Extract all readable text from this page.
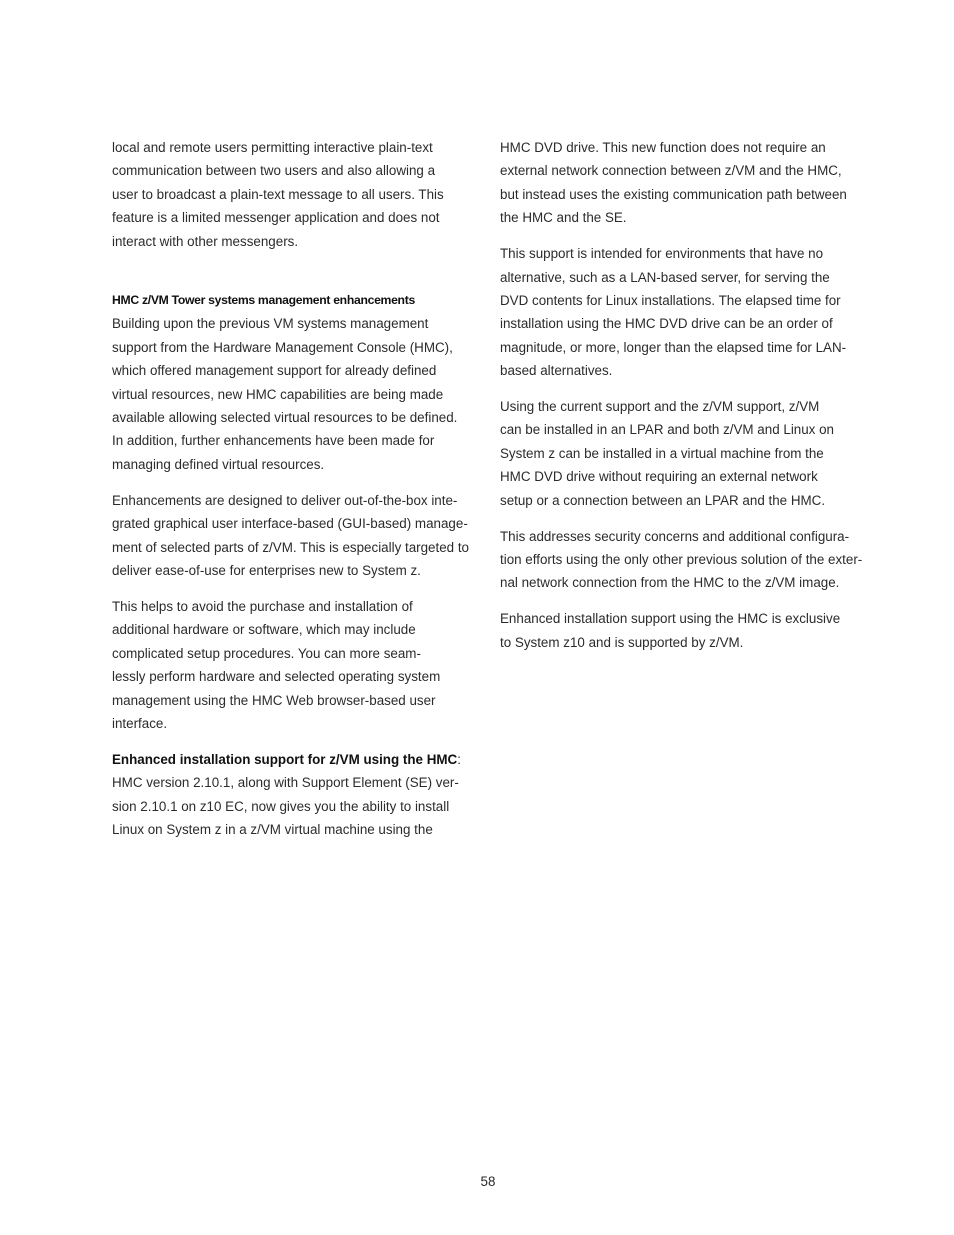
local and remote users permitting interactive plain-text
communication between two users and also allowing a
user to broadcast a plain-text message to all users. This
feature is a limited messenger application and does not
interact with other messengers.

HMC z/VM Tower systems management enhancements

Building upon the previous VM systems management
support from the Hardware Management Console (HMC),
which offered management support for already defined
virtual resources, new HMC capabilities are being made
available allowing selected virtual resources to be defined.
In addition, further enhancements have been made for
managing defined virtual resources.

Enhancements are designed to deliver out-of-the-box inte-
grated graphical user interface-based (GUI-based) manage-
ment of selected parts of z/VM. This is especially targeted to
deliver ease-of-use for enterprises new to System z.

This helps to avoid the purchase and installation of
additional hardware or software, which may include
complicated setup procedures. You can more seam-
lessly perform hardware and selected operating system
management using the HMC Web browser-based user
interface.

Enhanced installation support for z/VM using the HMC:

HMC version 2.10.1, along with Support Element (SE) ver-
sion 2.10.1 on z10 EC, now gives you the ability to install
Linux on System z in a z/VM virtual machine using the

HMC DVD drive. This new function does not require an
external network connection between z/VM and the HMC,
but instead uses the existing communication path between
the HMC and the SE.

This support is intended for environments that have no
alternative, such as a LAN-based server, for serving the
DVD contents for Linux installations. The elapsed time for
installation using the HMC DVD drive can be an order of
magnitude, or more, longer than the elapsed time for LAN-
based alternatives.

Using the current support and the z/VM support, z/VM
can be installed in an LPAR and both z/VM and Linux on
System z can be installed in a virtual machine from the
HMC DVD drive without requiring an external network
setup or a connection between an LPAR and the HMC.

This addresses security concerns and additional configura-
tion efforts using the only other previous solution of the exter-
nal network connection from the HMC to the z/VM image.

Enhanced installation support using the HMC is exclusive
to System z10 and is supported by z/VM.

58
